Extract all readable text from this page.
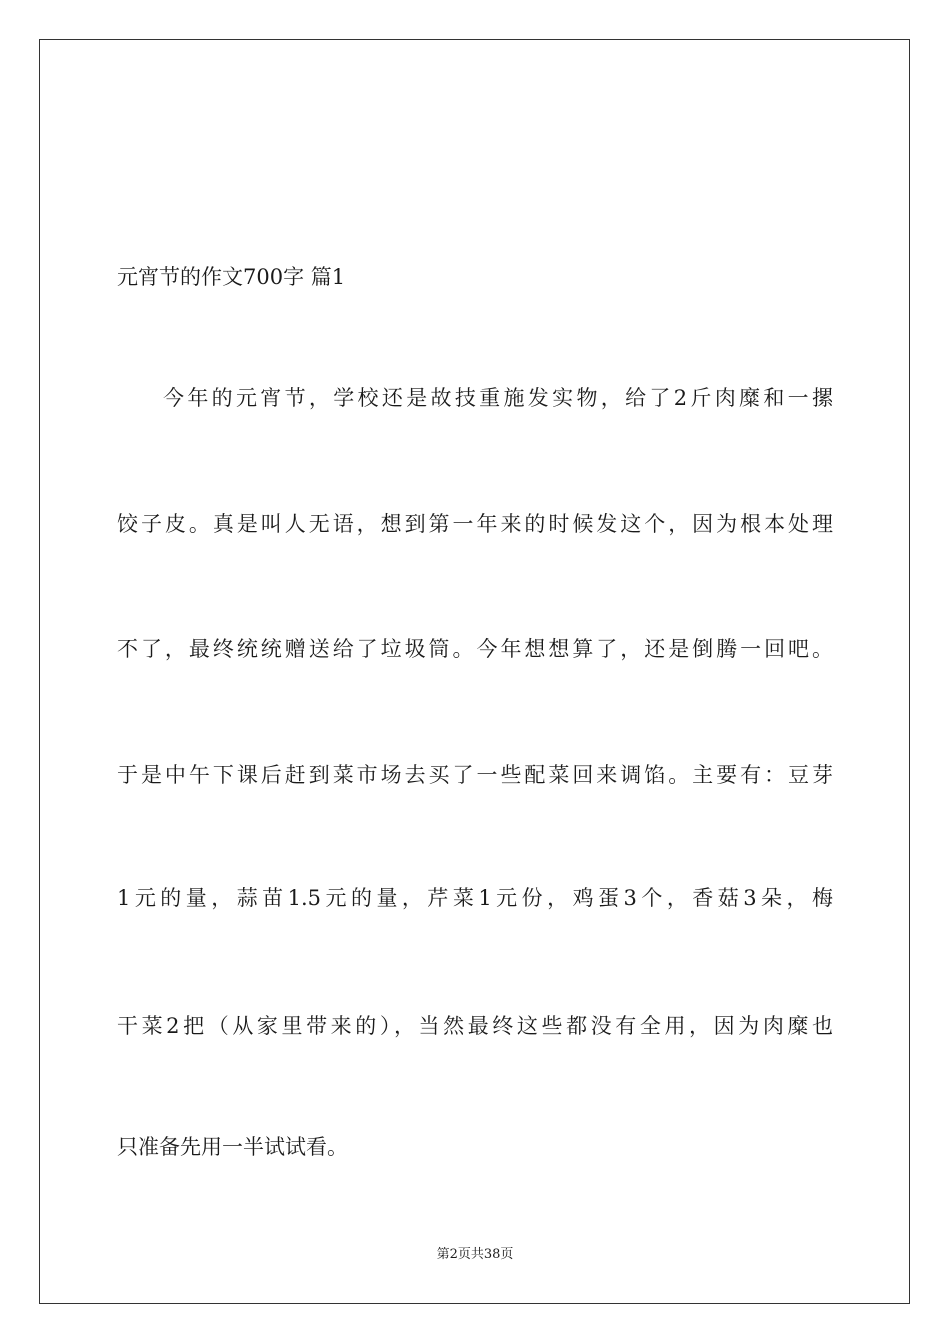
元宵节的作文700字 篇1
今年的元宵节，学校还是故技重施发实物，给了2斤肉糜和一摞
饺子皮。真是叫人无语，想到第一年来的时候发这个，因为根本处理
不了，最终统统赠送给了垃圾筒。今年想想算了，还是倒腾一回吧。
于是中午下课后赶到菜市场去买了一些配菜回来调馅。主要有：豆芽
1元的量，蒜苗1.5元的量，芹菜1元份，鸡蛋3个，香菇3朵，梅
干菜2把（从家里带来的），当然最终这些都没有全用，因为肉糜也
只准备先用一半试试看。
第2页共38页
